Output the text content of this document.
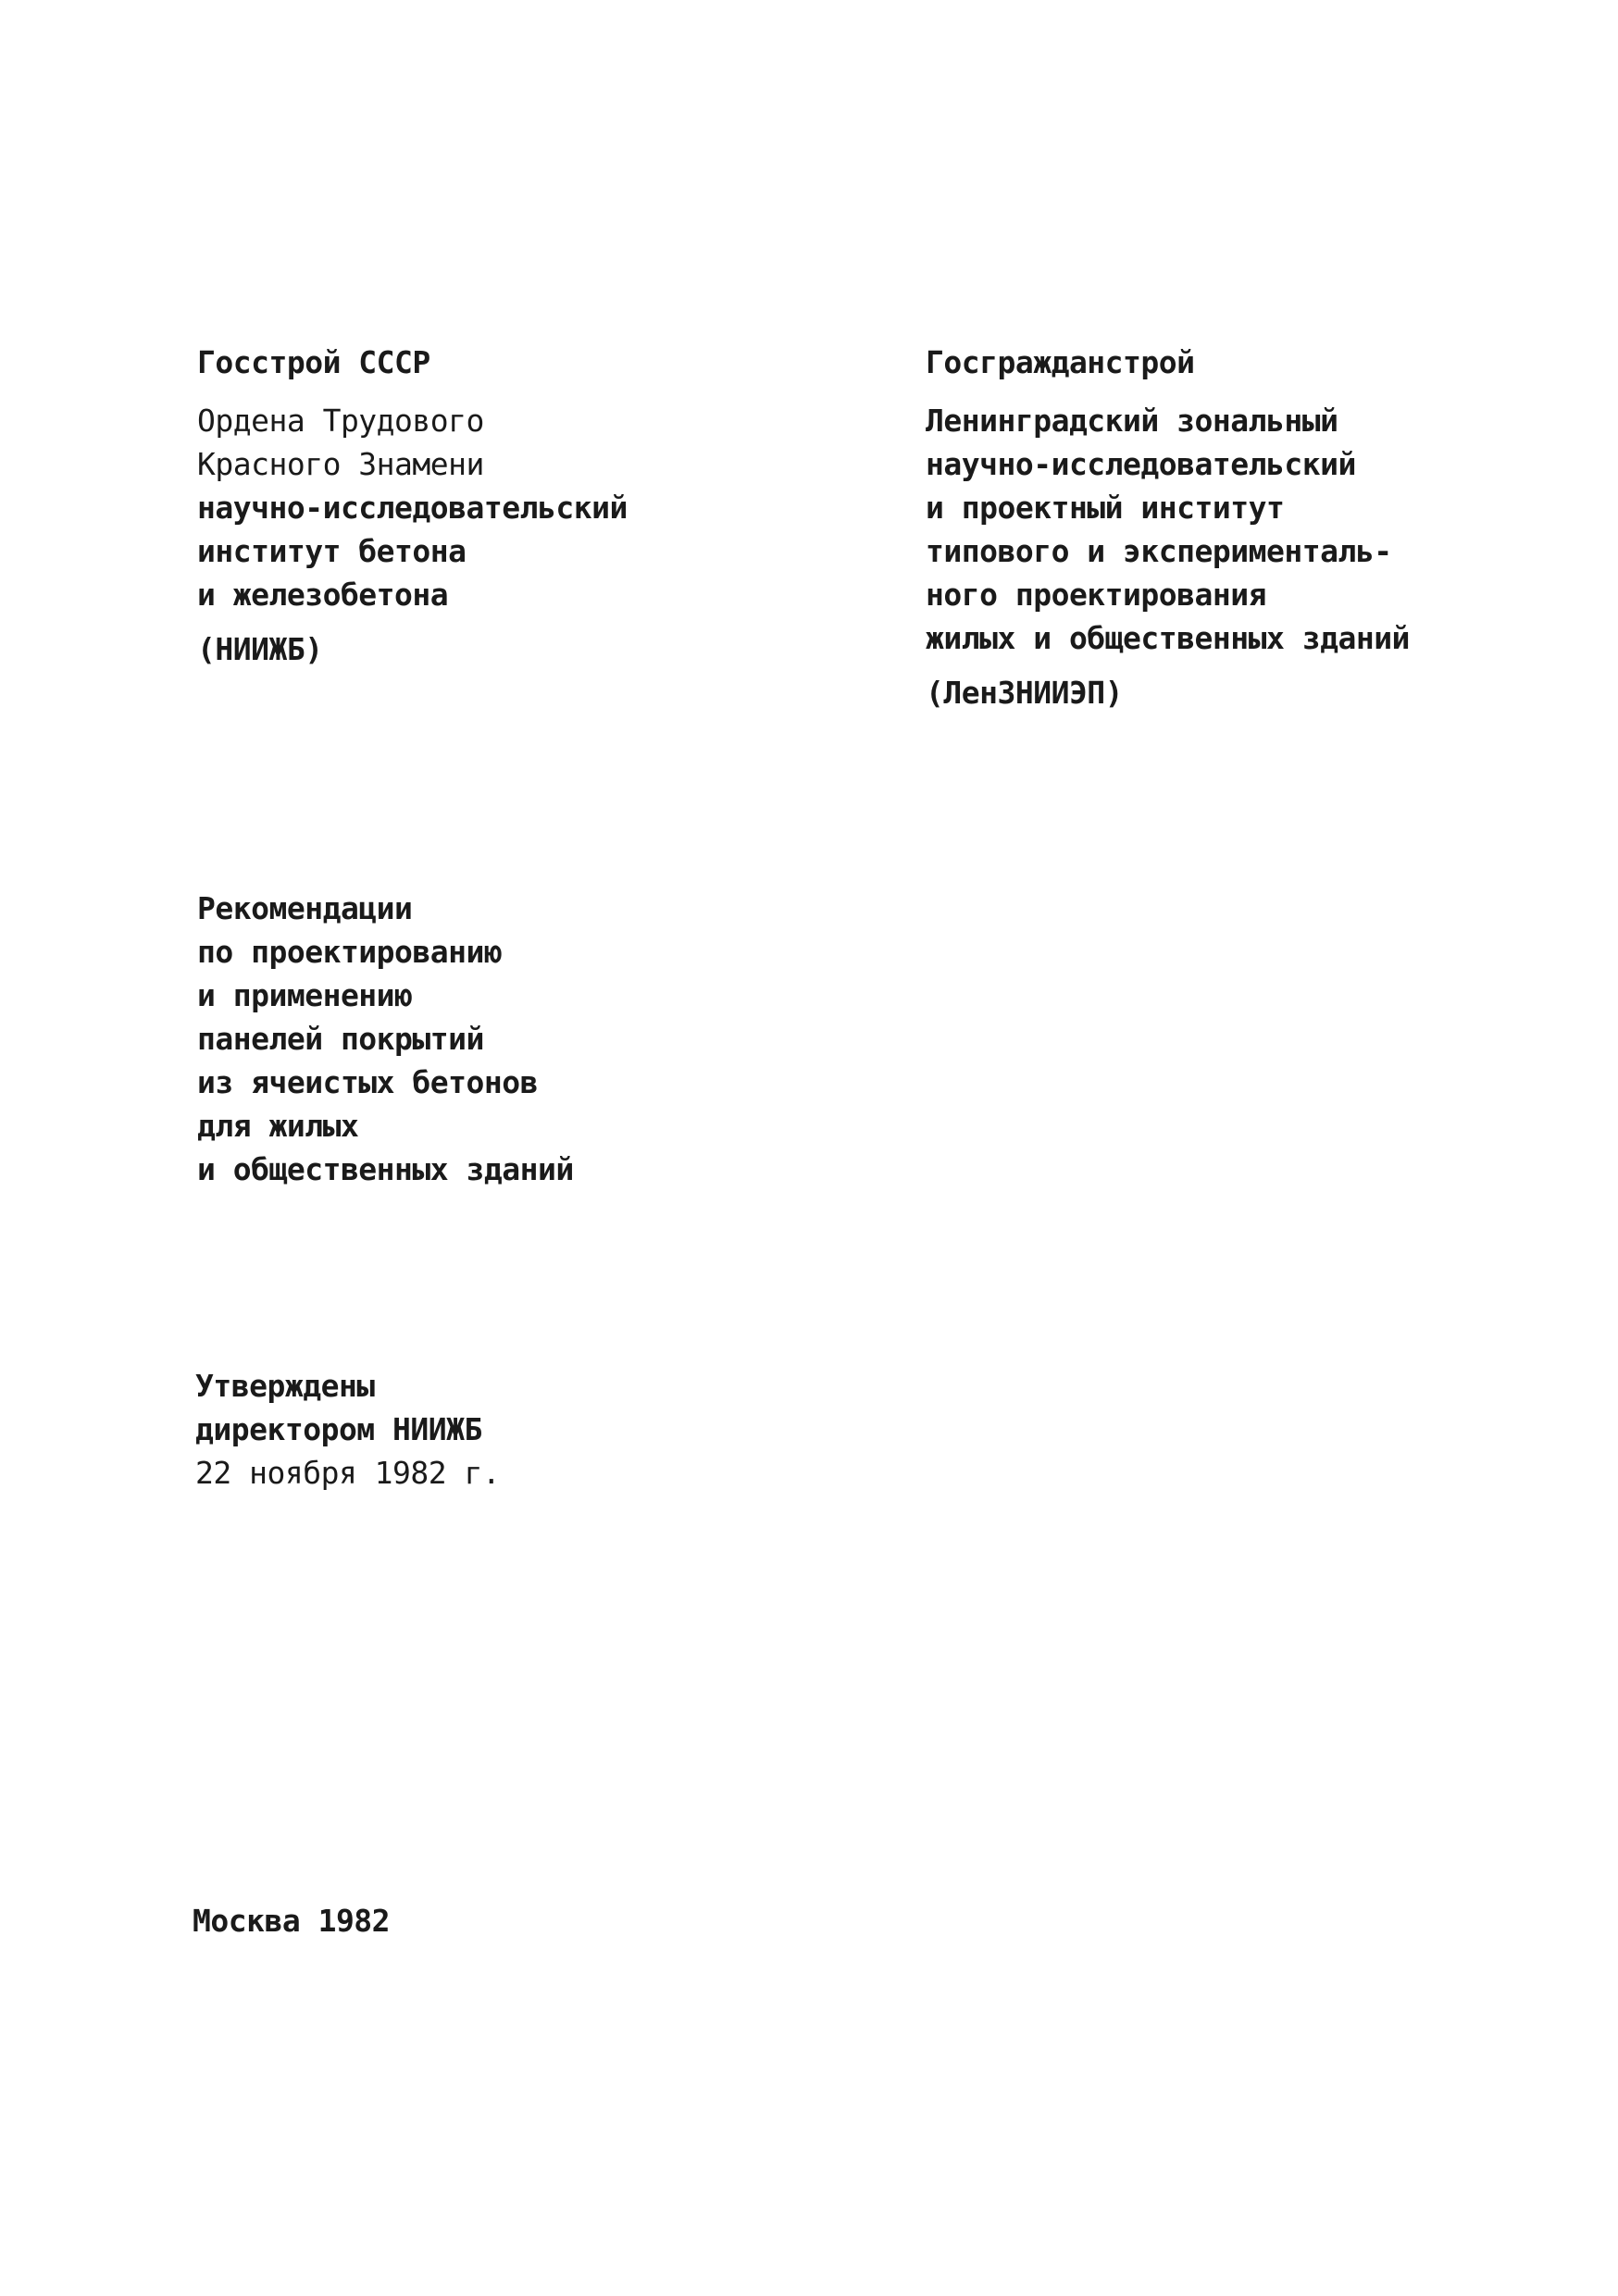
Госстрой СССР
Ордена Трудового
Красного Знамени
научно-исследовательский
институт бетона
и железобетона
(НИИЖБ)
Госгражданстрой
Ленинградский зональный
научно-исследовательский
и проектный институт
типового и эксперименталь-
ного проектирования
жилых и общественных зданий
(ЛенЗНИИЭП)
Рекомендации
по проектированию
и применению
панелей покрытий
из ячеистых бетонов
для жилых
и общественных зданий
Утверждены
директором НИИЖБ
22 ноября 1982 г.
Москва 1982
